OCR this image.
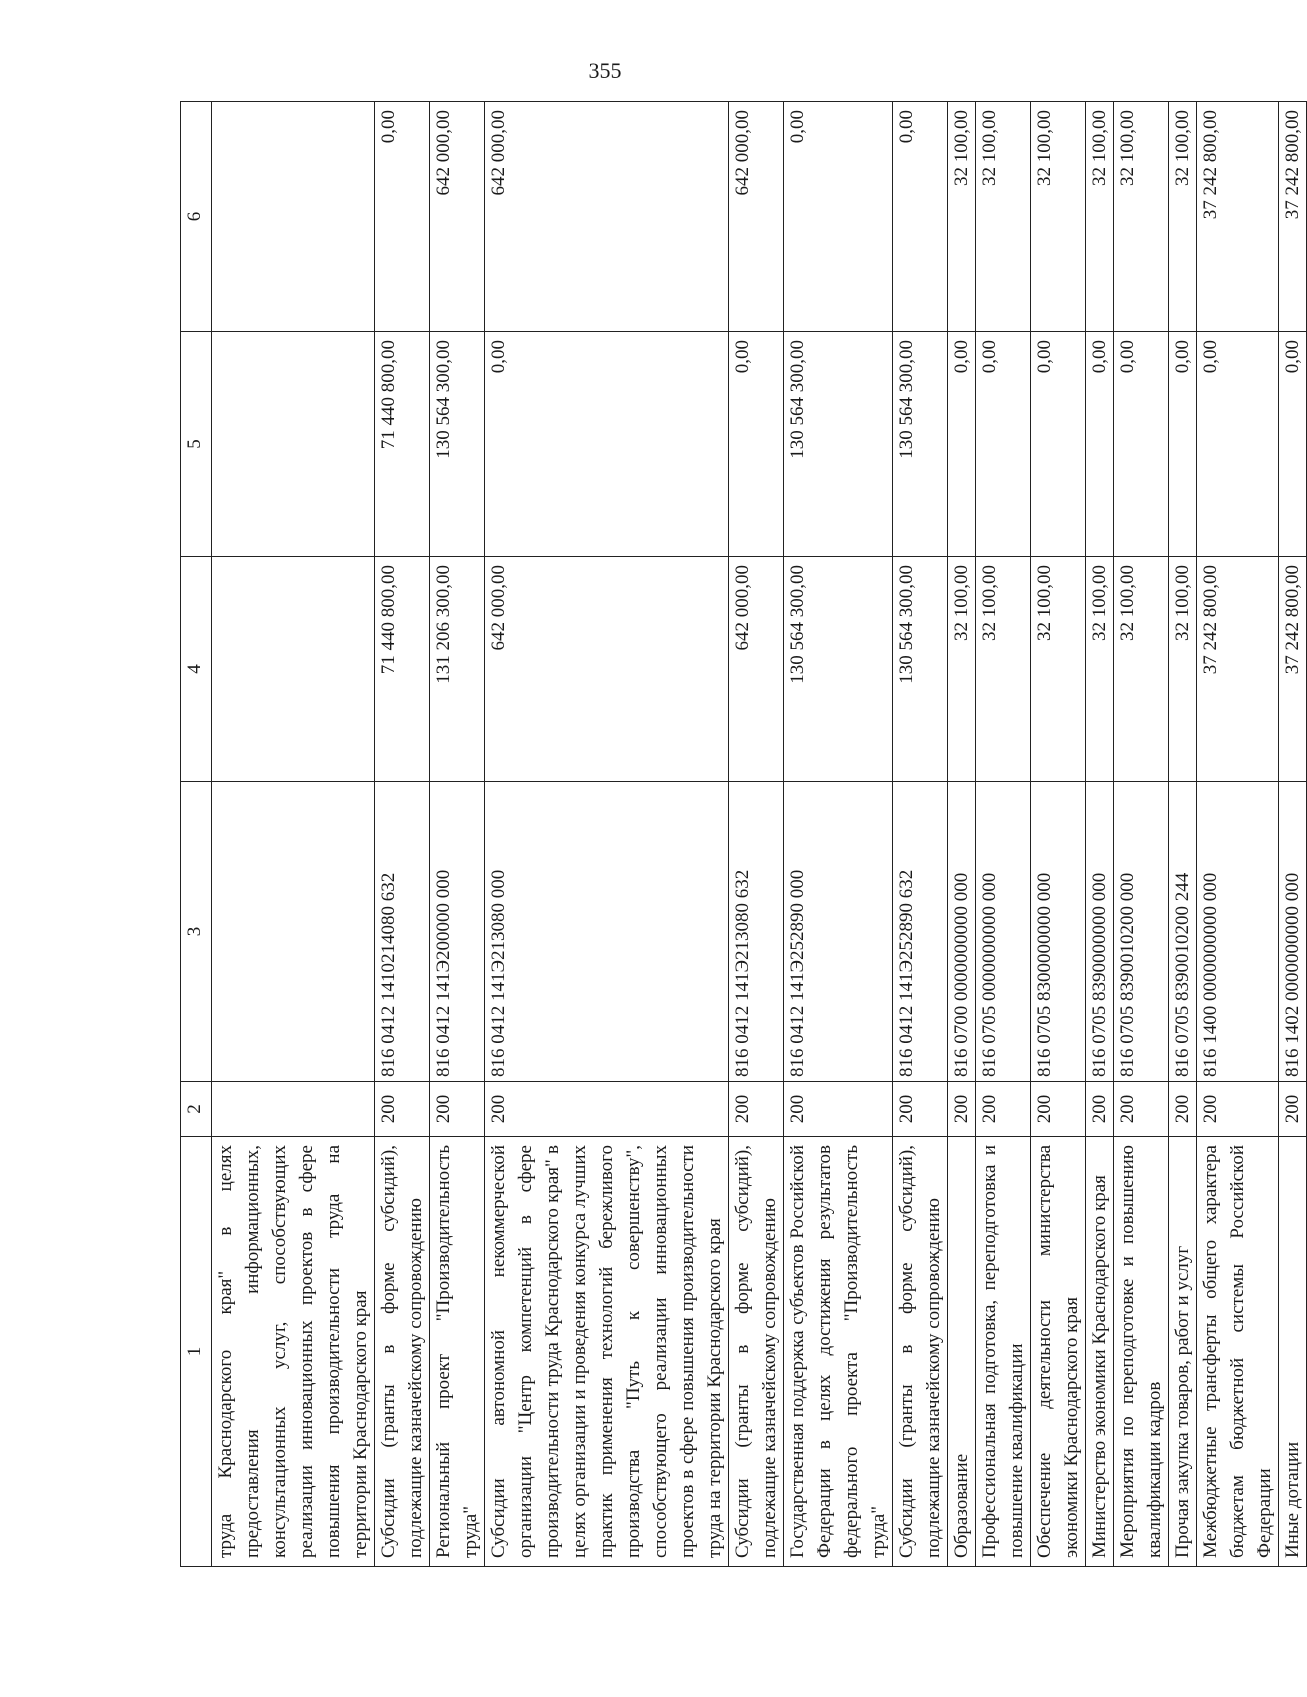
355
1	2	3	4	5	6
труда Краснодарского края" в целях предоставления информационных, консультационных услуг, способствующих реализации инновационных проектов в сфере повышения производительности труда на территории Краснодарского края					
Субсидии (гранты в форме субсидий), подлежащие казначейскому сопровождению	200	816 0412 1410214080 632	71 440 800,00	71 440 800,00	0,00
Региональный проект "Производительность труда"	200	816 0412 141Э200000 000	131 206 300,00	130 564 300,00	642 000,00
Субсидии автономной некоммерческой организации "Центр компетенций в сфере производительности труда Краснодарского края" в целях организации и проведения конкурса лучших практик применения технологий бережливого производства "Путь к совершенству", способствующего реализации инновационных проектов в сфере повышения производительности труда на территории Краснодарского края	200	816 0412 141Э213080 000	642 000,00	0,00	642 000,00
Субсидии (гранты в форме субсидий), подлежащие казначейскому сопровождению	200	816 0412 141Э213080 632	642 000,00	0,00	642 000,00
Государственная поддержка субъектов Российской Федерации в целях достижения результатов федерального проекта "Производительность труда"	200	816 0412 141Э252890 000	130 564 300,00	130 564 300,00	0,00
Субсидии (гранты в форме субсидий), подлежащие казначейскому сопровождению	200	816 0412 141Э252890 632	130 564 300,00	130 564 300,00	0,00
Образование	200	816 0700 0000000000 000	32 100,00	0,00	32 100,00
Профессиональная подготовка, переподготовка и повышение квалификации	200	816 0705 0000000000 000	32 100,00	0,00	32 100,00
Обеспечение деятельности министерства экономики Краснодарского края	200	816 0705 8300000000 000	32 100,00	0,00	32 100,00
Министерство экономики Краснодарского края	200	816 0705 8390000000 000	32 100,00	0,00	32 100,00
Мероприятия по переподготовке и повышению квалификации кадров	200	816 0705 8390010200 000	32 100,00	0,00	32 100,00
Прочая закупка товаров, работ и услуг	200	816 0705 8390010200 244	32 100,00	0,00	32 100,00
Межбюджетные трансферты общего характера бюджетам бюджетной системы Российской Федерации	200	816 1400 0000000000 000	37 242 800,00	0,00	37 242 800,00
Иные дотации	200	816 1402 0000000000 000	37 242 800,00	0,00	37 242 800,00
